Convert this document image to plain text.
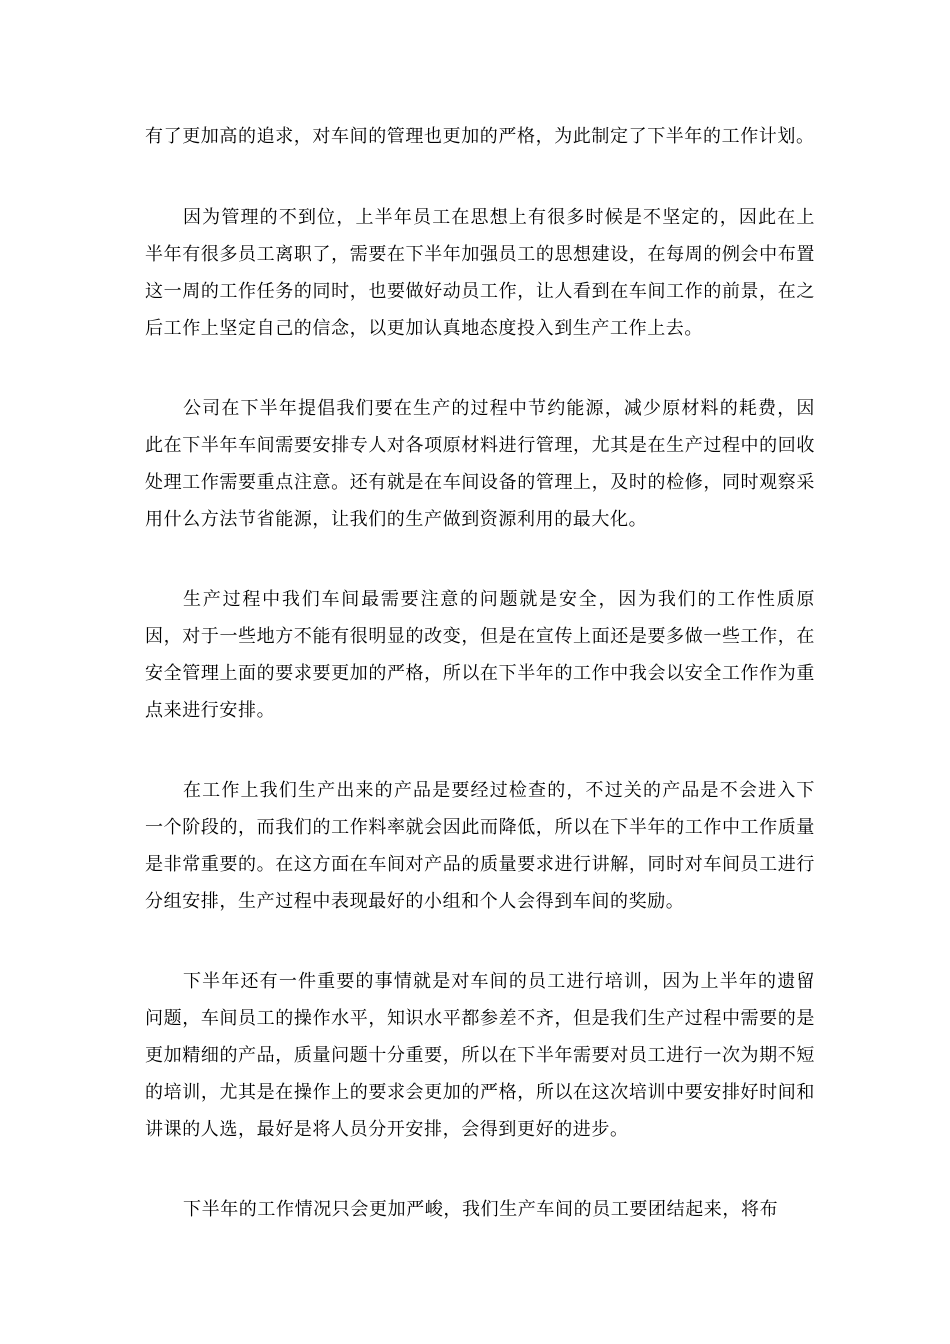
有了更加高的追求，对车间的管理也更加的严格，为此制定了下半年的工作计划。

因为管理的不到位，上半年员工在思想上有很多时候是不坚定的，因此在上半年有很多员工离职了，需要在下半年加强员工的思想建设，在每周的例会中布置这一周的工作任务的同时，也要做好动员工作，让人看到在车间工作的前景，在之后工作上坚定自己的信念，以更加认真地态度投入到生产工作上去。

公司在下半年提倡我们要在生产的过程中节约能源，减少原材料的耗费，因此在下半年车间需要安排专人对各项原材料进行管理，尤其是在生产过程中的回收处理工作需要重点注意。还有就是在车间设备的管理上，及时的检修，同时观察采用什么方法节省能源，让我们的生产做到资源利用的最大化。

生产过程中我们车间最需要注意的问题就是安全，因为我们的工作性质原因，对于一些地方不能有很明显的改变，但是在宣传上面还是要多做一些工作，在安全管理上面的要求要更加的严格，所以在下半年的工作中我会以安全工作作为重点来进行安排。

在工作上我们生产出来的产品是要经过检查的，不过关的产品是不会进入下一个阶段的，而我们的工作料率就会因此而降低，所以在下半年的工作中工作质量是非常重要的。在这方面在车间对产品的质量要求进行讲解，同时对车间员工进行分组安排，生产过程中表现最好的小组和个人会得到车间的奖励。

下半年还有一件重要的事情就是对车间的员工进行培训，因为上半年的遗留问题，车间员工的操作水平，知识水平都参差不齐，但是我们生产过程中需要的是更加精细的产品，质量问题十分重要，所以在下半年需要对员工进行一次为期不短的培训，尤其是在操作上的要求会更加的严格，所以在这次培训中要安排好时间和讲课的人选，最好是将人员分开安排，会得到更好的进步。

下半年的工作情况只会更加严峻，我们生产车间的员工要团结起来，将布
